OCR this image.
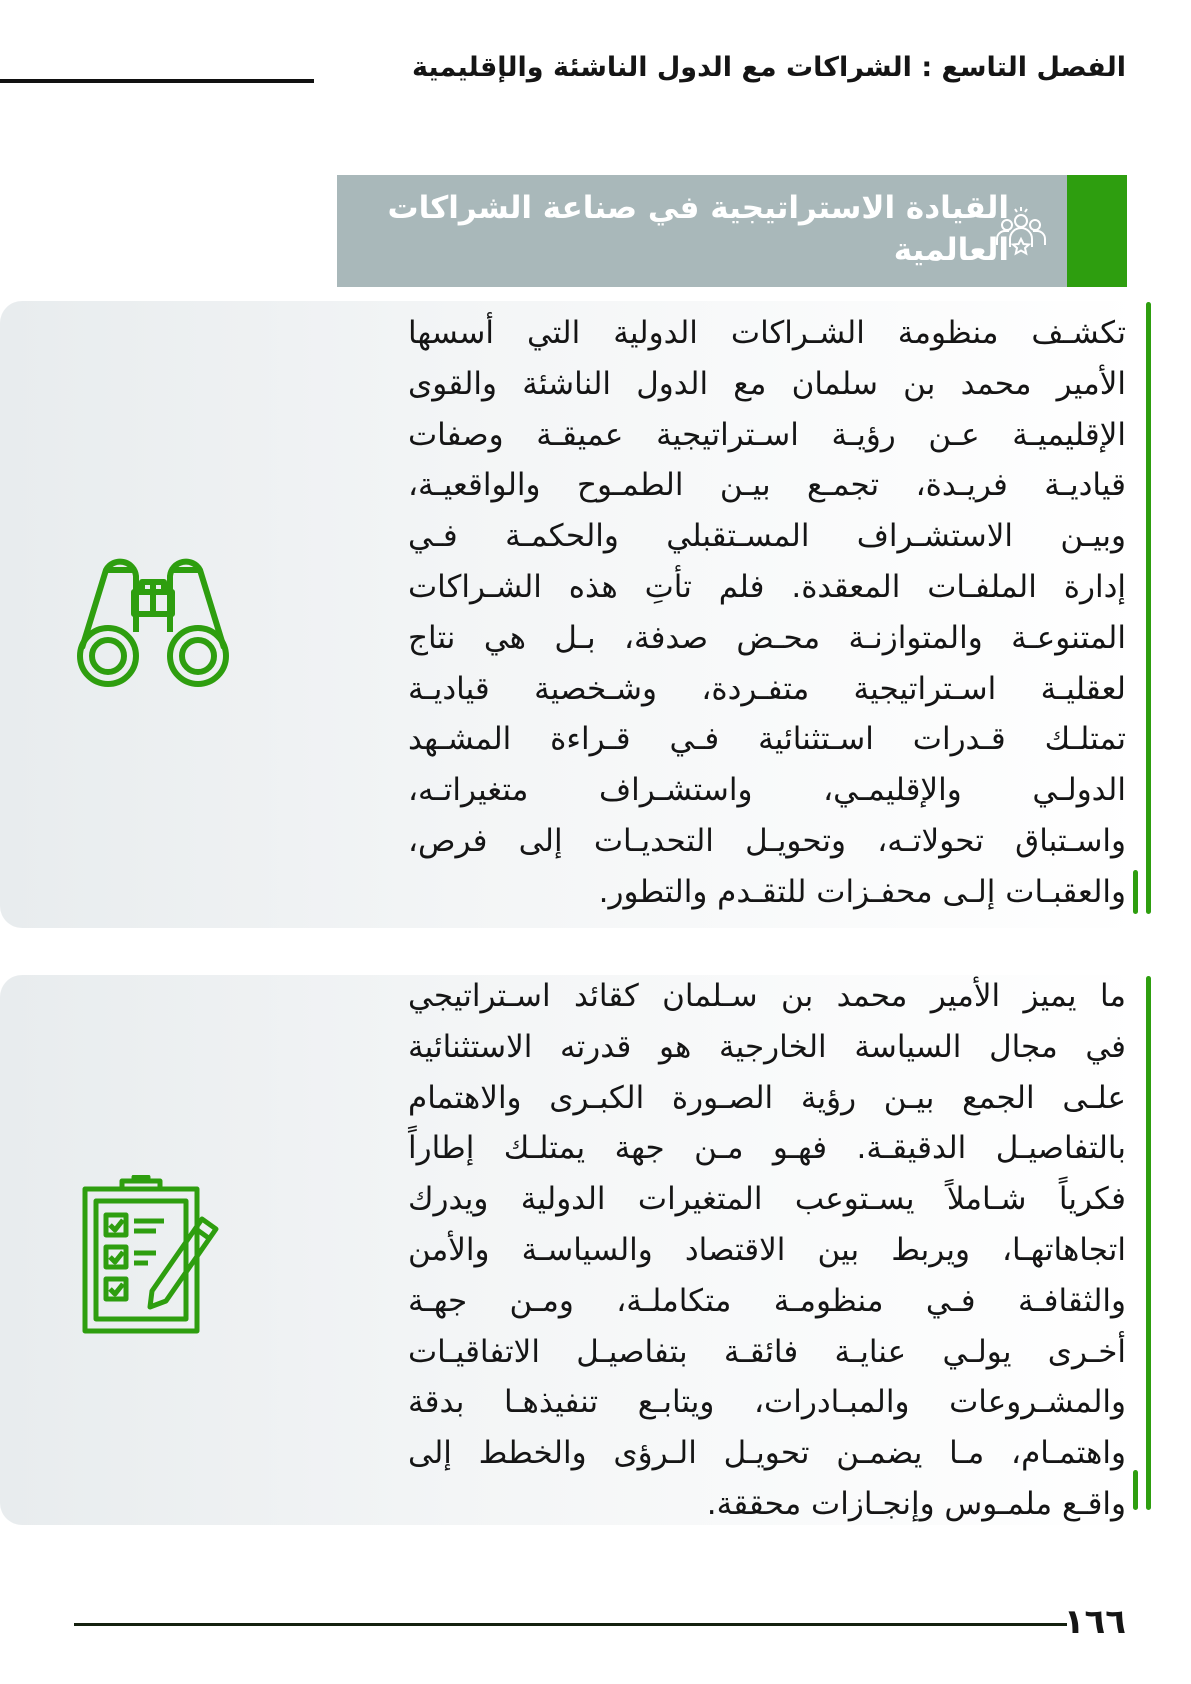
الفصل التاسع : الشراكات مع الدول الناشئة والإقليمية
القيادة الاستراتيجية في صناعة الشراكات العالمية
تكشـف منظومة الشـراكات الدولية التي أسسها
الأمير محمد بن سلمان مع الدول الناشئة والقوى
الإقليميـة عـن رؤيـة اسـتراتيجية عميقـة وصفات
قياديـة فريـدة، تجمـع بيـن الطمـوح والواقعيـة،
وبيـن الاستشـراف المسـتقبلي والحكمـة فـي
إدارة الملفـات المعقدة. فلم تأتِ هذه الشـراكات
المتنوعـة والمتوازنـة محـض صدفة، بـل هي نتاج
لعقليـة اسـتراتيجية متفـردة، وشـخصية قياديـة
تمتلـك قـدرات اسـتثنائية فـي قـراءة المشـهد
الدولـي والإقليمـي، واستشـراف متغيراتـه،
واسـتباق تحولاتـه، وتحويـل التحديـات إلى فرص،
والعقبـات إلـى محفـزات للتقـدم والتطور.
ما يميز الأمير محمد بن سـلمان كقائد اسـتراتيجي
في مجال السياسة الخارجية هو قدرته الاستثنائية
علـى الجمع بيـن رؤية الصـورة الكبـرى والاهتمام
بالتفاصيـل الدقيقـة. فهـو مـن جهة يمتلـك إطاراً
فكرياً شـاملاً يسـتوعب المتغيرات الدولية ويدرك
اتجاهاتهـا، ويربط بين الاقتصاد والسياسـة والأمن
والثقافـة فـي منظومـة متكاملـة، ومـن جهـة
أخـرى يولـي عنايـة فائقـة بتفاصيـل الاتفاقيـات
والمشـروعات والمبـادرات، ويتابـع تنفيذهـا بدقة
واهتمـام، مـا يضمـن تحويـل الـرؤى والخطط إلى
واقـع ملمـوس وإنجـازات محققة.
١٦٦
